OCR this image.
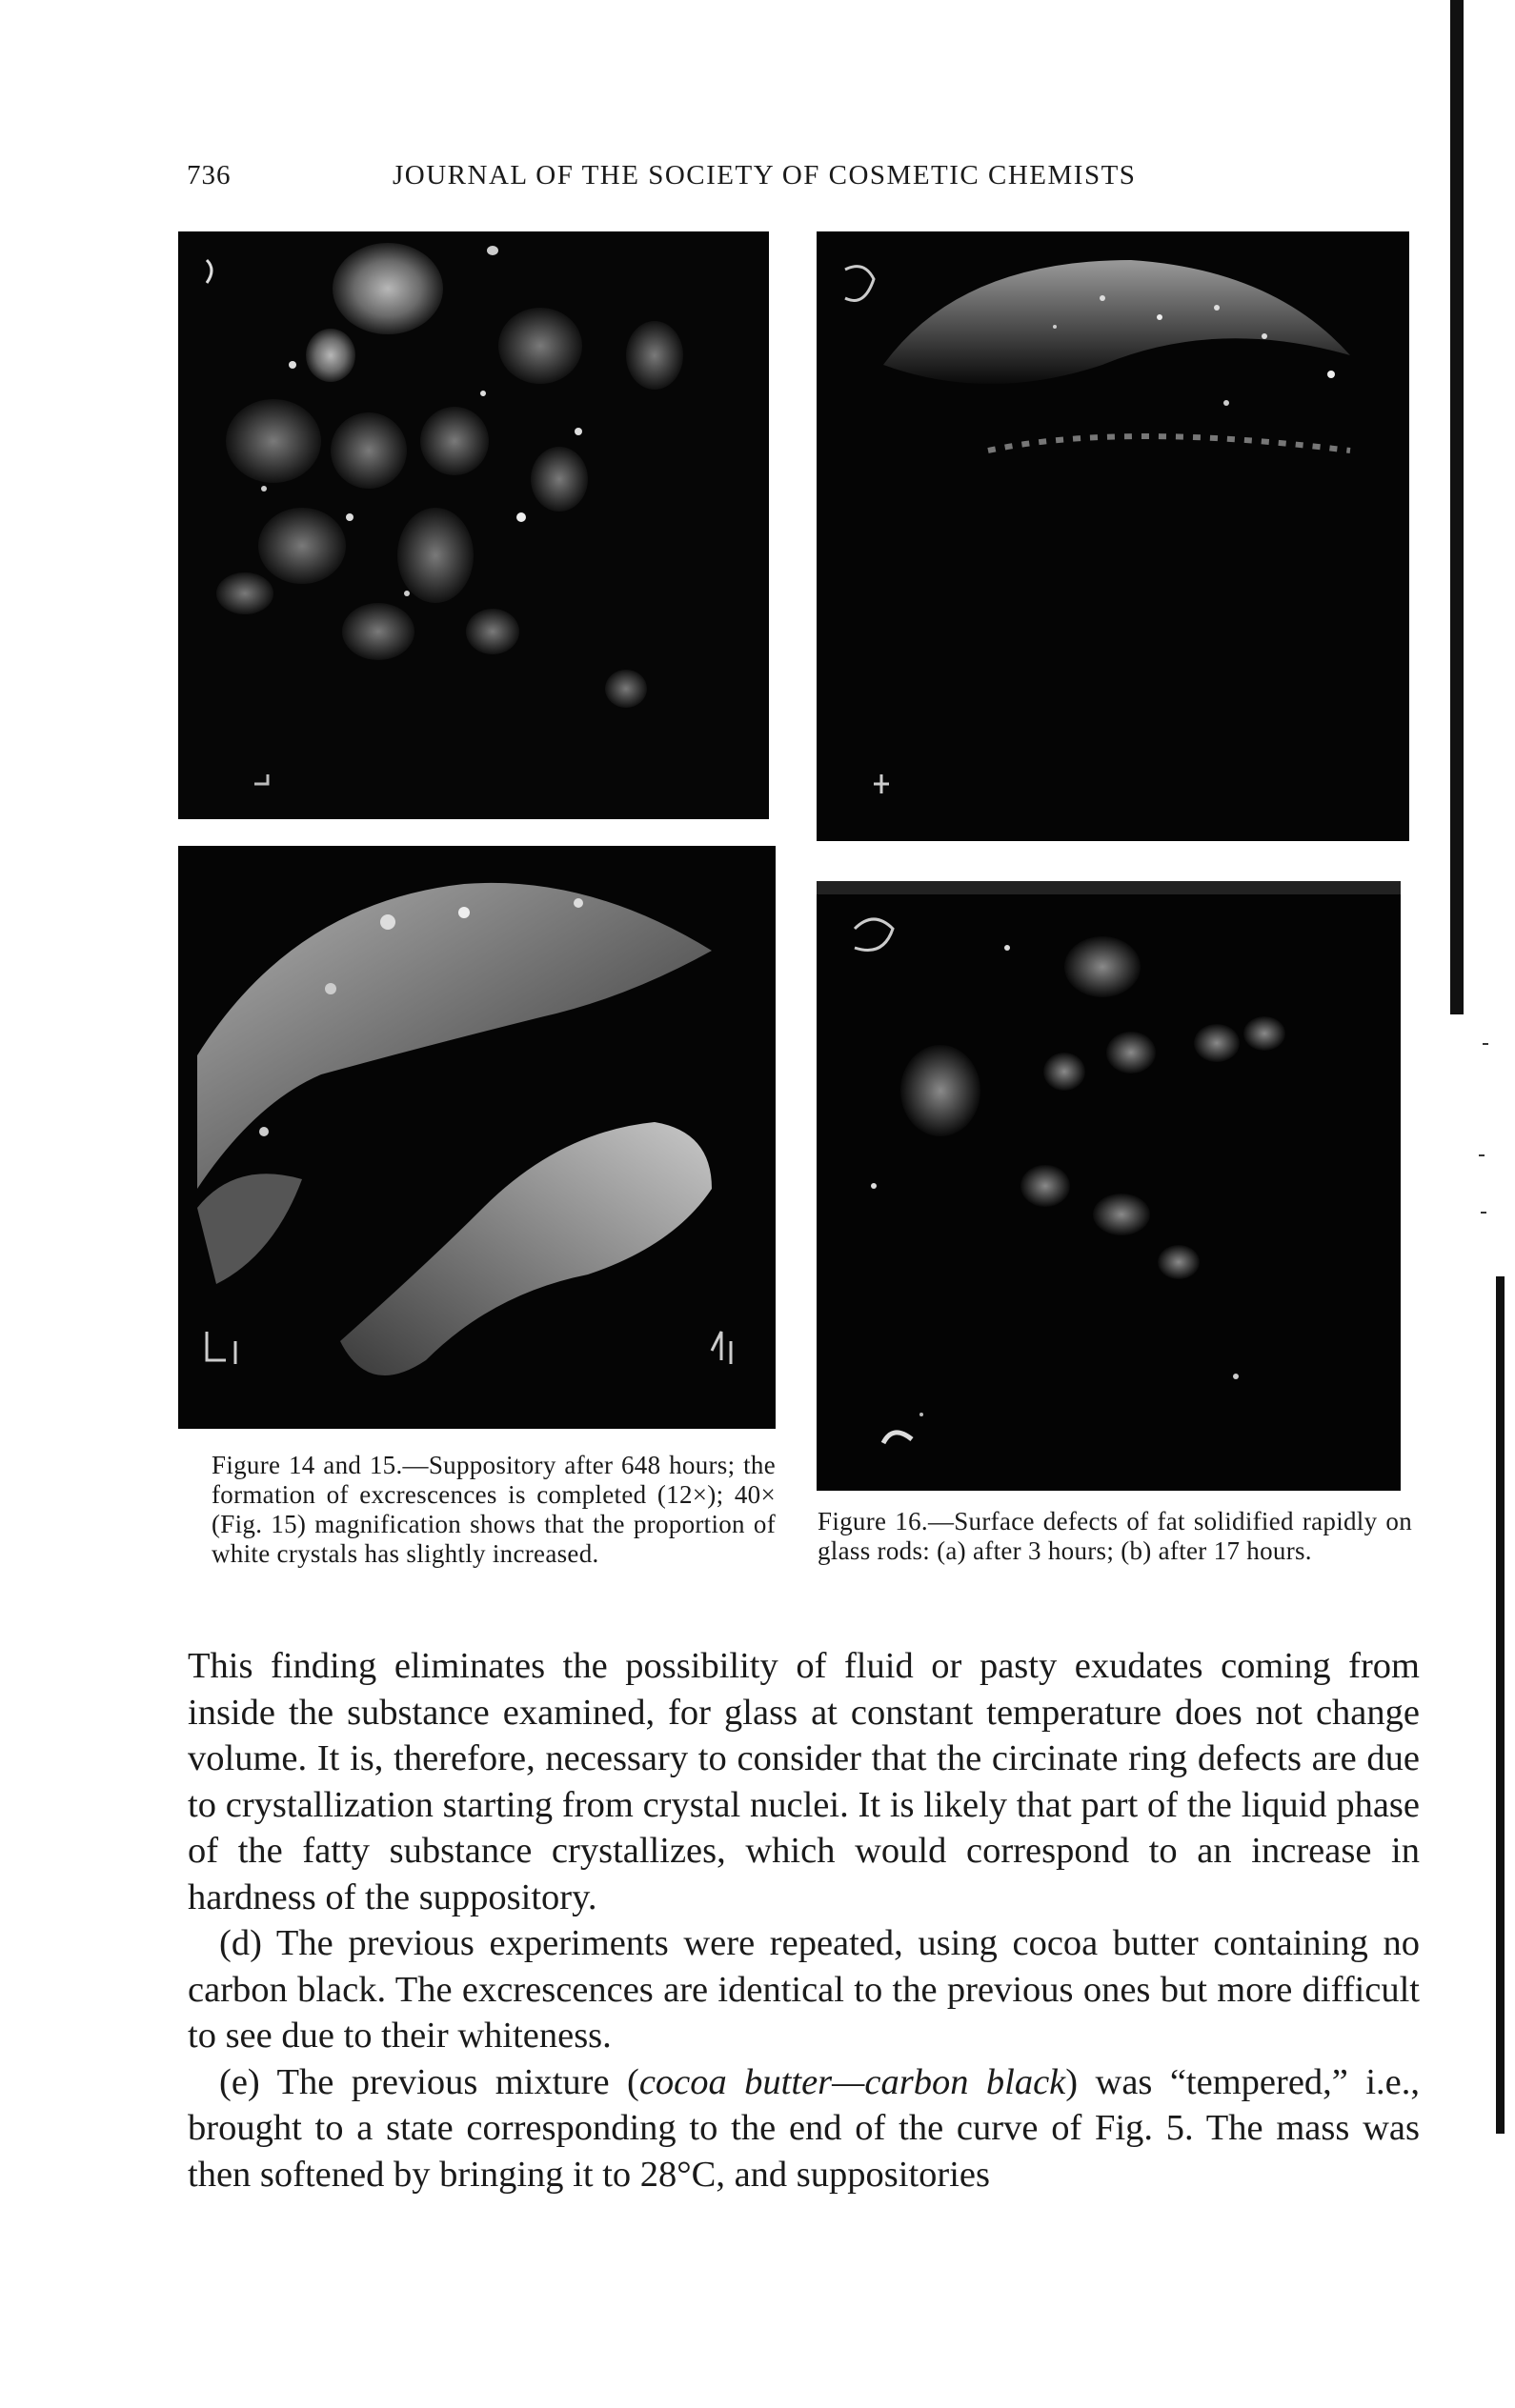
736	JOURNAL OF THE SOCIETY OF COSMETIC CHEMISTS
Figure 14 and 15.—Suppository after 648 hours; the formation of excrescences is completed (12×); 40× (Fig. 15) magnification shows that the proportion of white crystals has slightly increased.
Figure 16.—Surface defects of fat solidified rapidly on glass rods: (a) after 3 hours; (b) after 17 hours.

This finding eliminates the possibility of fluid or pasty exudates coming from inside the substance examined, for glass at constant temperature does not change volume. It is, therefore, necessary to consider that the circinate ring defects are due to crystallization starting from crystal nuclei. It is likely that part of the liquid phase of the fatty substance crystallizes, which would correspond to an increase in hardness of the suppository.

(d) The previous experiments were repeated, using cocoa butter containing no carbon black. The excrescences are identical to the previous ones but more difficult to see due to their whiteness.

(e) The previous mixture (cocoa butter—carbon black) was “tempered,” i.e., brought to a state corresponding to the end of the curve of Fig. 5. The mass was then softened by bringing it to 28°C, and suppositories
